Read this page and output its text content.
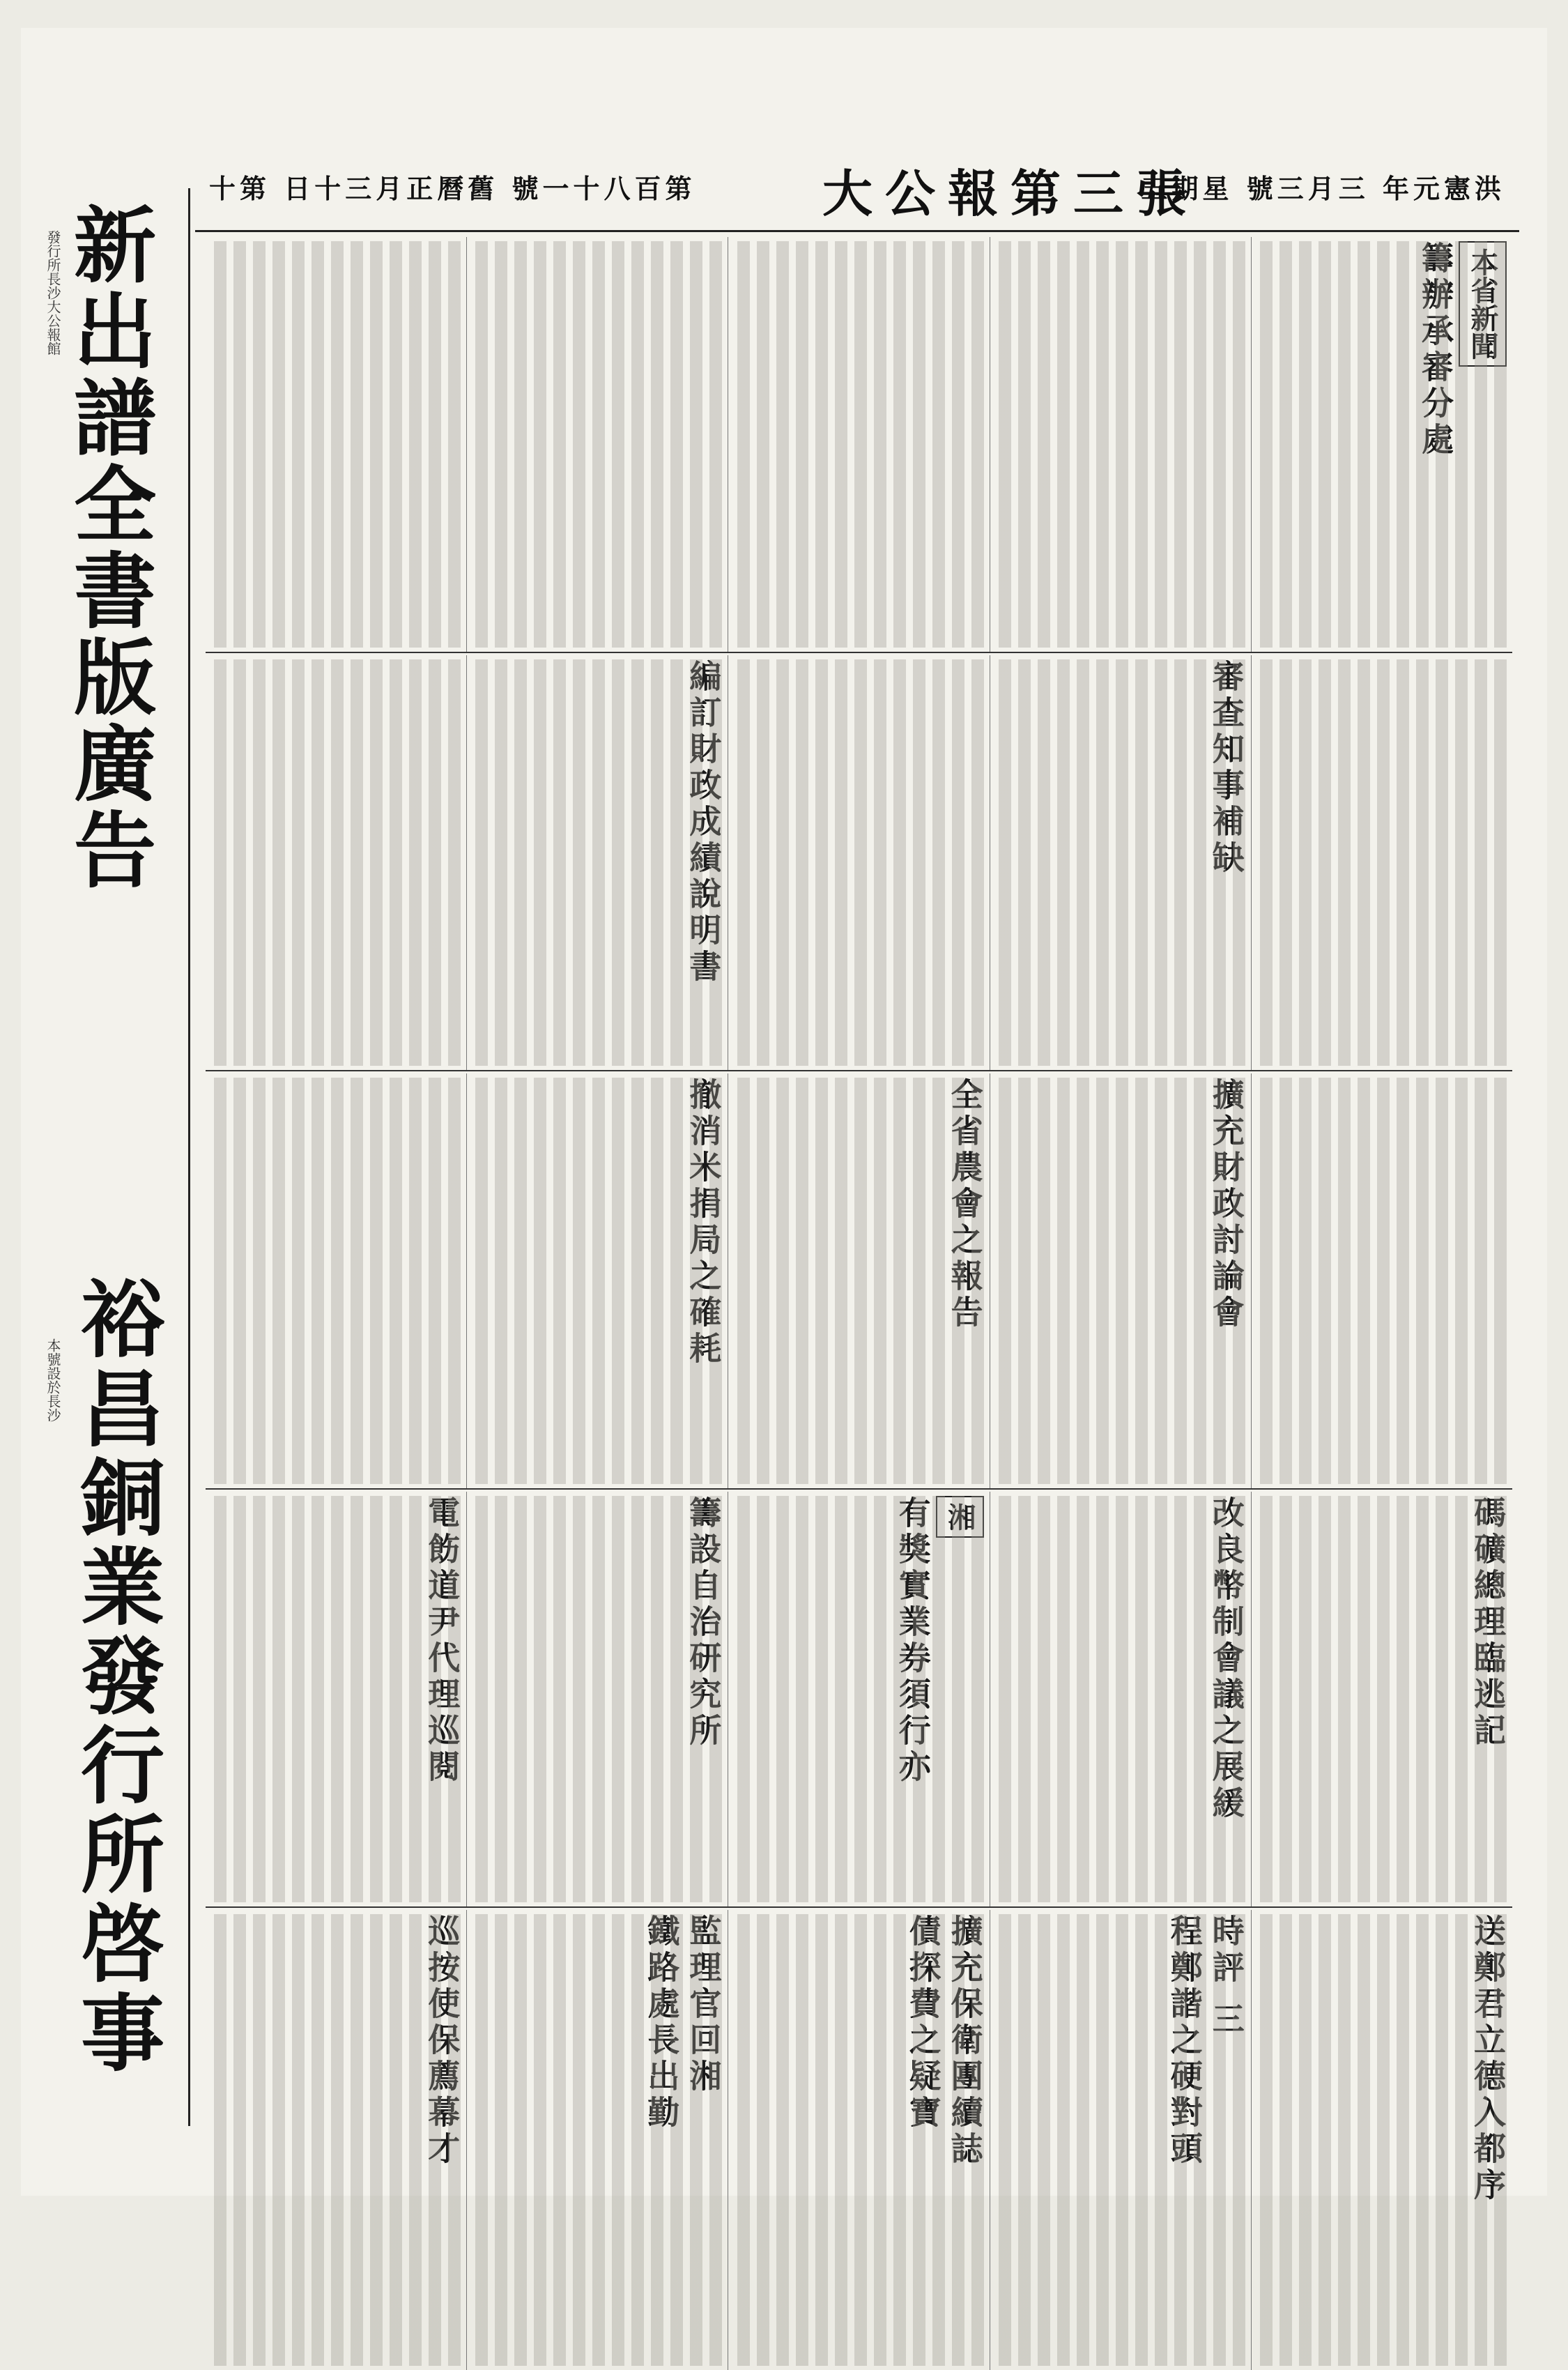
十第 日十三月正曆舊 號一十八百第	大公報第三張
五期星 號三月三 年元憲洪
新出譜全書版廣告
發行所長沙大公報館
裕昌銅業發行所啓事
本號設於長沙
本省新聞
籌辦承審分處
審查知事補缺
編訂財政成績說明書
擴充財政討論會
全省農會之報告
撤消米捐局之確耗
碼礦總理臨逃記
改良幣制會議之展緩
湘
有獎實業券須行亦
籌設自治研究所
電飭道尹代理巡閱
送鄭君立德入都序
時評 三
程鄭諧之硬對頭
擴充保衛團續誌
債探費之疑寶
監理官回湘
鐵路處長出勤
巡按使保薦幕才
